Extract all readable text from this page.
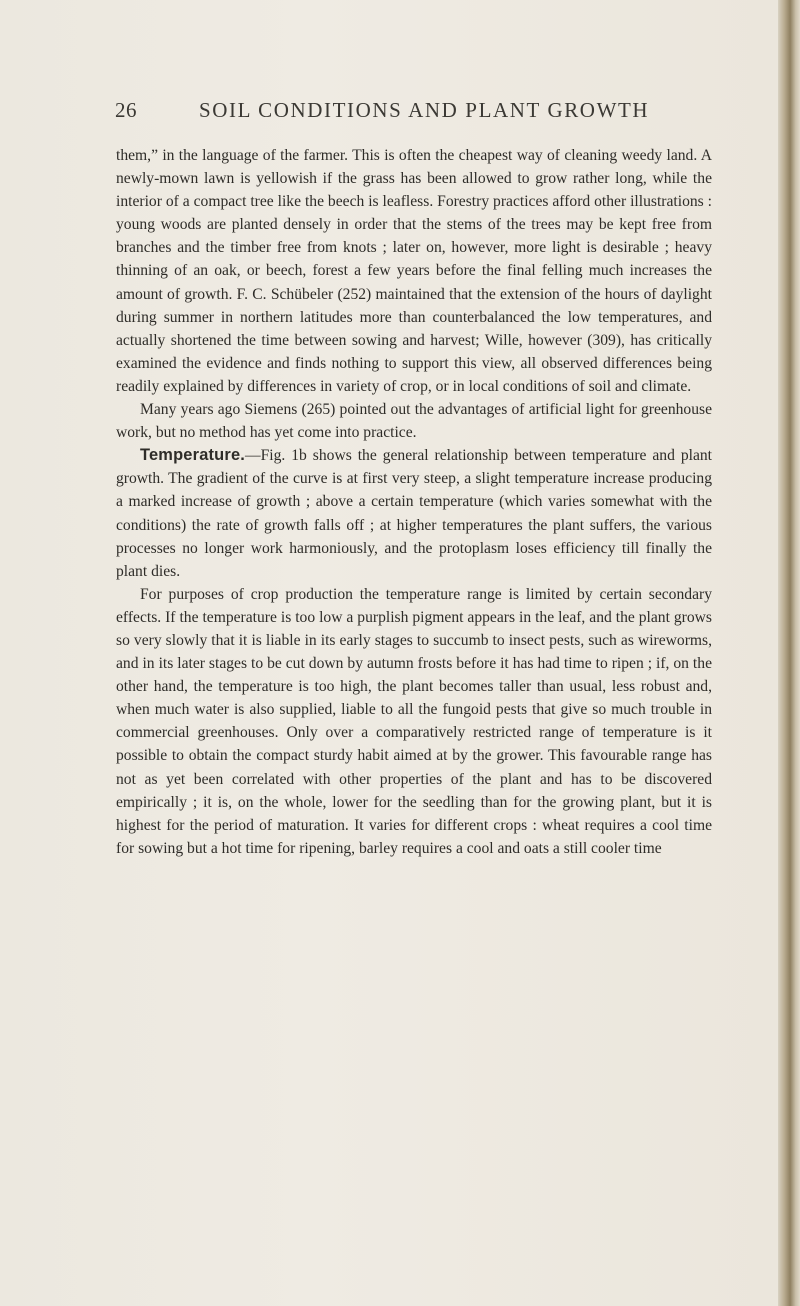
26	SOIL CONDITIONS AND PLANT GROWTH

them,” in the language of the farmer. This is often the cheapest way of cleaning weedy land. A newly-mown lawn is yellowish if the grass has been allowed to grow rather long, while the interior of a compact tree like the beech is leafless. Forestry practices afford other illustrations : young woods are planted densely in order that the stems of the trees may be kept free from branches and the timber free from knots ; later on, however, more light is desirable ; heavy thinning of an oak, or beech, forest a few years before the final felling much increases the amount of growth. F. C. Schübeler (252) maintained that the extension of the hours of daylight during summer in northern latitudes more than counterbalanced the low temperatures, and actually shortened the time between sowing and harvest; Wille, however (309), has critically examined the evidence and finds nothing to support this view, all observed differences being readily explained by differences in variety of crop, or in local conditions of soil and climate.

Many years ago Siemens (265) pointed out the advantages of artificial light for greenhouse work, but no method has yet come into practice.

Temperature.—Fig. 1b shows the general relationship between temperature and plant growth. The gradient of the curve is at first very steep, a slight temperature increase producing a marked increase of growth ; above a certain temperature (which varies somewhat with the conditions) the rate of growth falls off ; at higher temperatures the plant suffers, the various processes no longer work harmoniously, and the protoplasm loses efficiency till finally the plant dies.

For purposes of crop production the temperature range is limited by certain secondary effects. If the temperature is too low a purplish pigment appears in the leaf, and the plant grows so very slowly that it is liable in its early stages to succumb to insect pests, such as wireworms, and in its later stages to be cut down by autumn frosts before it has had time to ripen ; if, on the other hand, the temperature is too high, the plant becomes taller than usual, less robust and, when much water is also supplied, liable to all the fungoid pests that give so much trouble in commercial greenhouses. Only over a comparatively restricted range of temperature is it possible to obtain the compact sturdy habit aimed at by the grower. This favourable range has not as yet been correlated with other properties of the plant and has to be discovered empirically ; it is, on the whole, lower for the seedling than for the growing plant, but it is highest for the period of maturation. It varies for different crops : wheat requires a cool time for sowing but a hot time for ripening, barley requires a cool and oats a still cooler time
